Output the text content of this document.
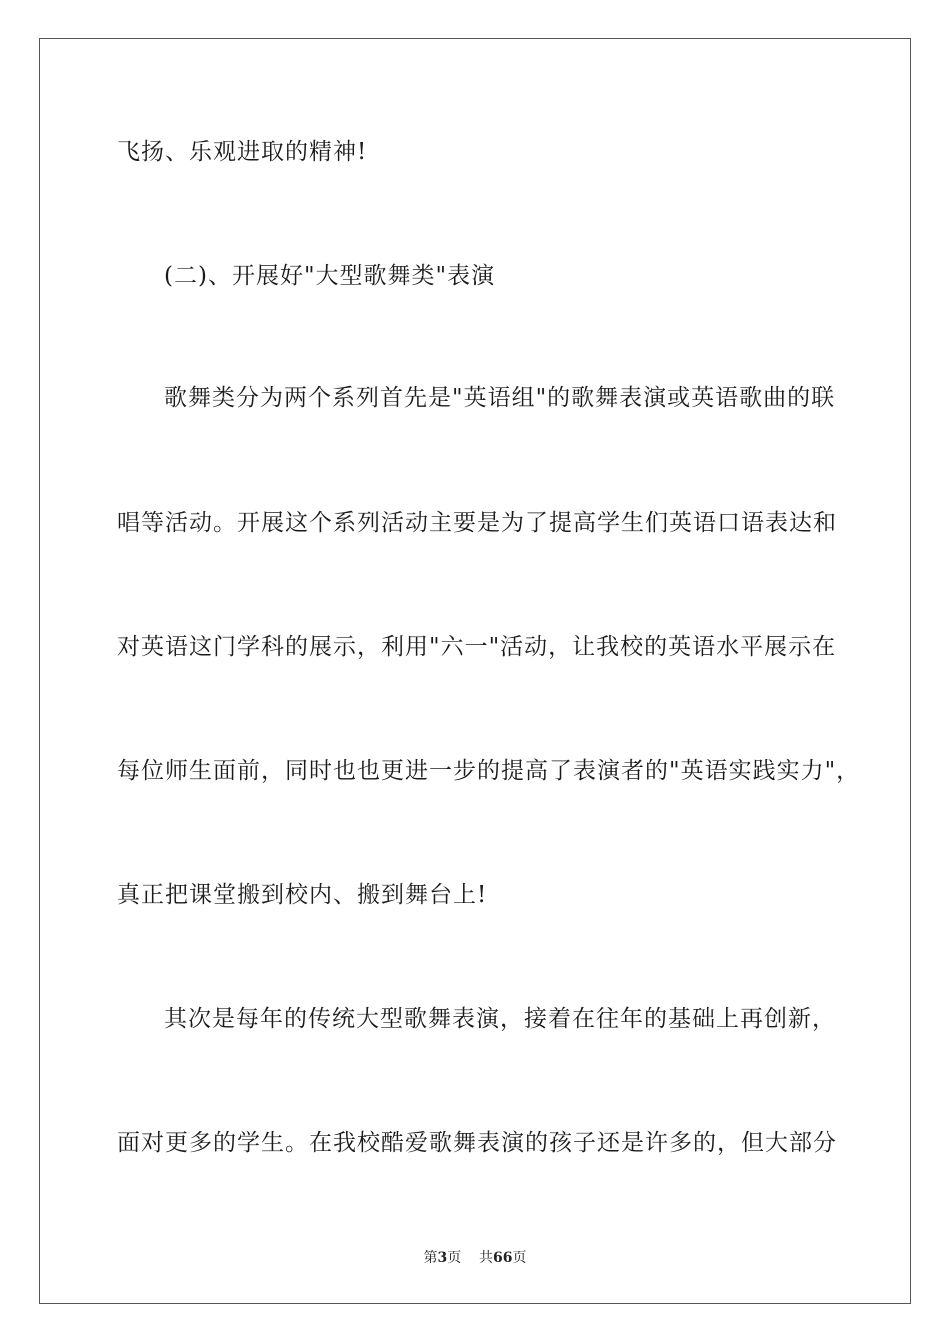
飞扬、乐观进取的精神!
(二)、开展好"大型歌舞类"表演
歌舞类分为两个系列首先是"英语组"的歌舞表演或英语歌曲的联
唱等活动。开展这个系列活动主要是为了提高学生们英语口语表达和
对英语这门学科的展示，利用"六一"活动，让我校的英语水平展示在
每位师生面前，同时也也更进一步的提高了表演者的"英语实践实力"，
真正把课堂搬到校内、搬到舞台上!
其次是每年的传统大型歌舞表演，接着在往年的基础上再创新，
面对更多的学生。在我校酷爱歌舞表演的孩子还是许多的，但大部分
第3页 共66页
